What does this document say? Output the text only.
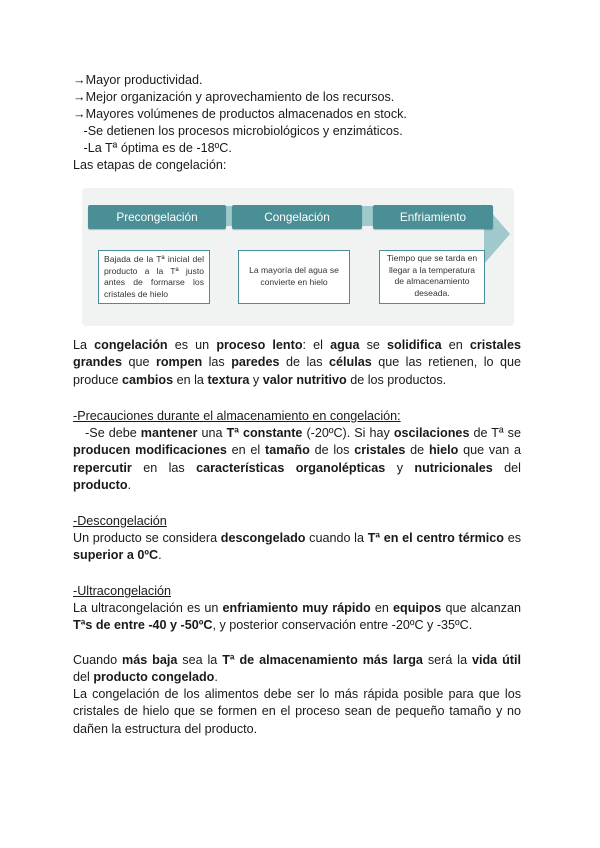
→Mayor productividad.
→Mejor organización y aprovechamiento de los recursos.
→Mayores volúmenes de productos almacenados en stock.
-Se detienen los procesos microbiológicos y enzimáticos.
-La Tª óptima es de -18ºC.
Las etapas de congelación:
Precongelación	Congelación	Enfriamiento
Bajada de la Tª inicial del producto a la Tª justo antes de formarse los cristales de hielo
La mayoría del agua se convierte en hielo
Tiempo que se tarda en llegar a la temperatura de almacenamiento deseada.
La congelación es un proceso lento: el agua se solidifica en cristales grandes que rompen las paredes de las células que las retienen, lo que produce cambios en la textura y valor nutritivo de los productos.
-Precauciones durante el almacenamiento en congelación:
-Se debe mantener una Tª constante (-20ºC). Si hay oscilaciones de Tª se producen modificaciones en el tamaño de los cristales de hielo que van a repercutir en las características organolépticas y nutricionales del producto.
-Descongelación
Un producto se considera descongelado cuando la Tª en el centro térmico es superior a 0ºC.
-Ultracongelación
La ultracongelación es un enfriamiento muy rápido en equipos que alcanzan Tªs de entre -40 y -50ºC, y posterior conservación entre -20ºC y -35ºC.
Cuando más baja sea la Tª de almacenamiento más larga será la vida útil del producto congelado.
La congelación de los alimentos debe ser lo más rápida posible para que los cristales de hielo que se formen en el proceso sean de pequeño tamaño y no dañen la estructura del producto.
